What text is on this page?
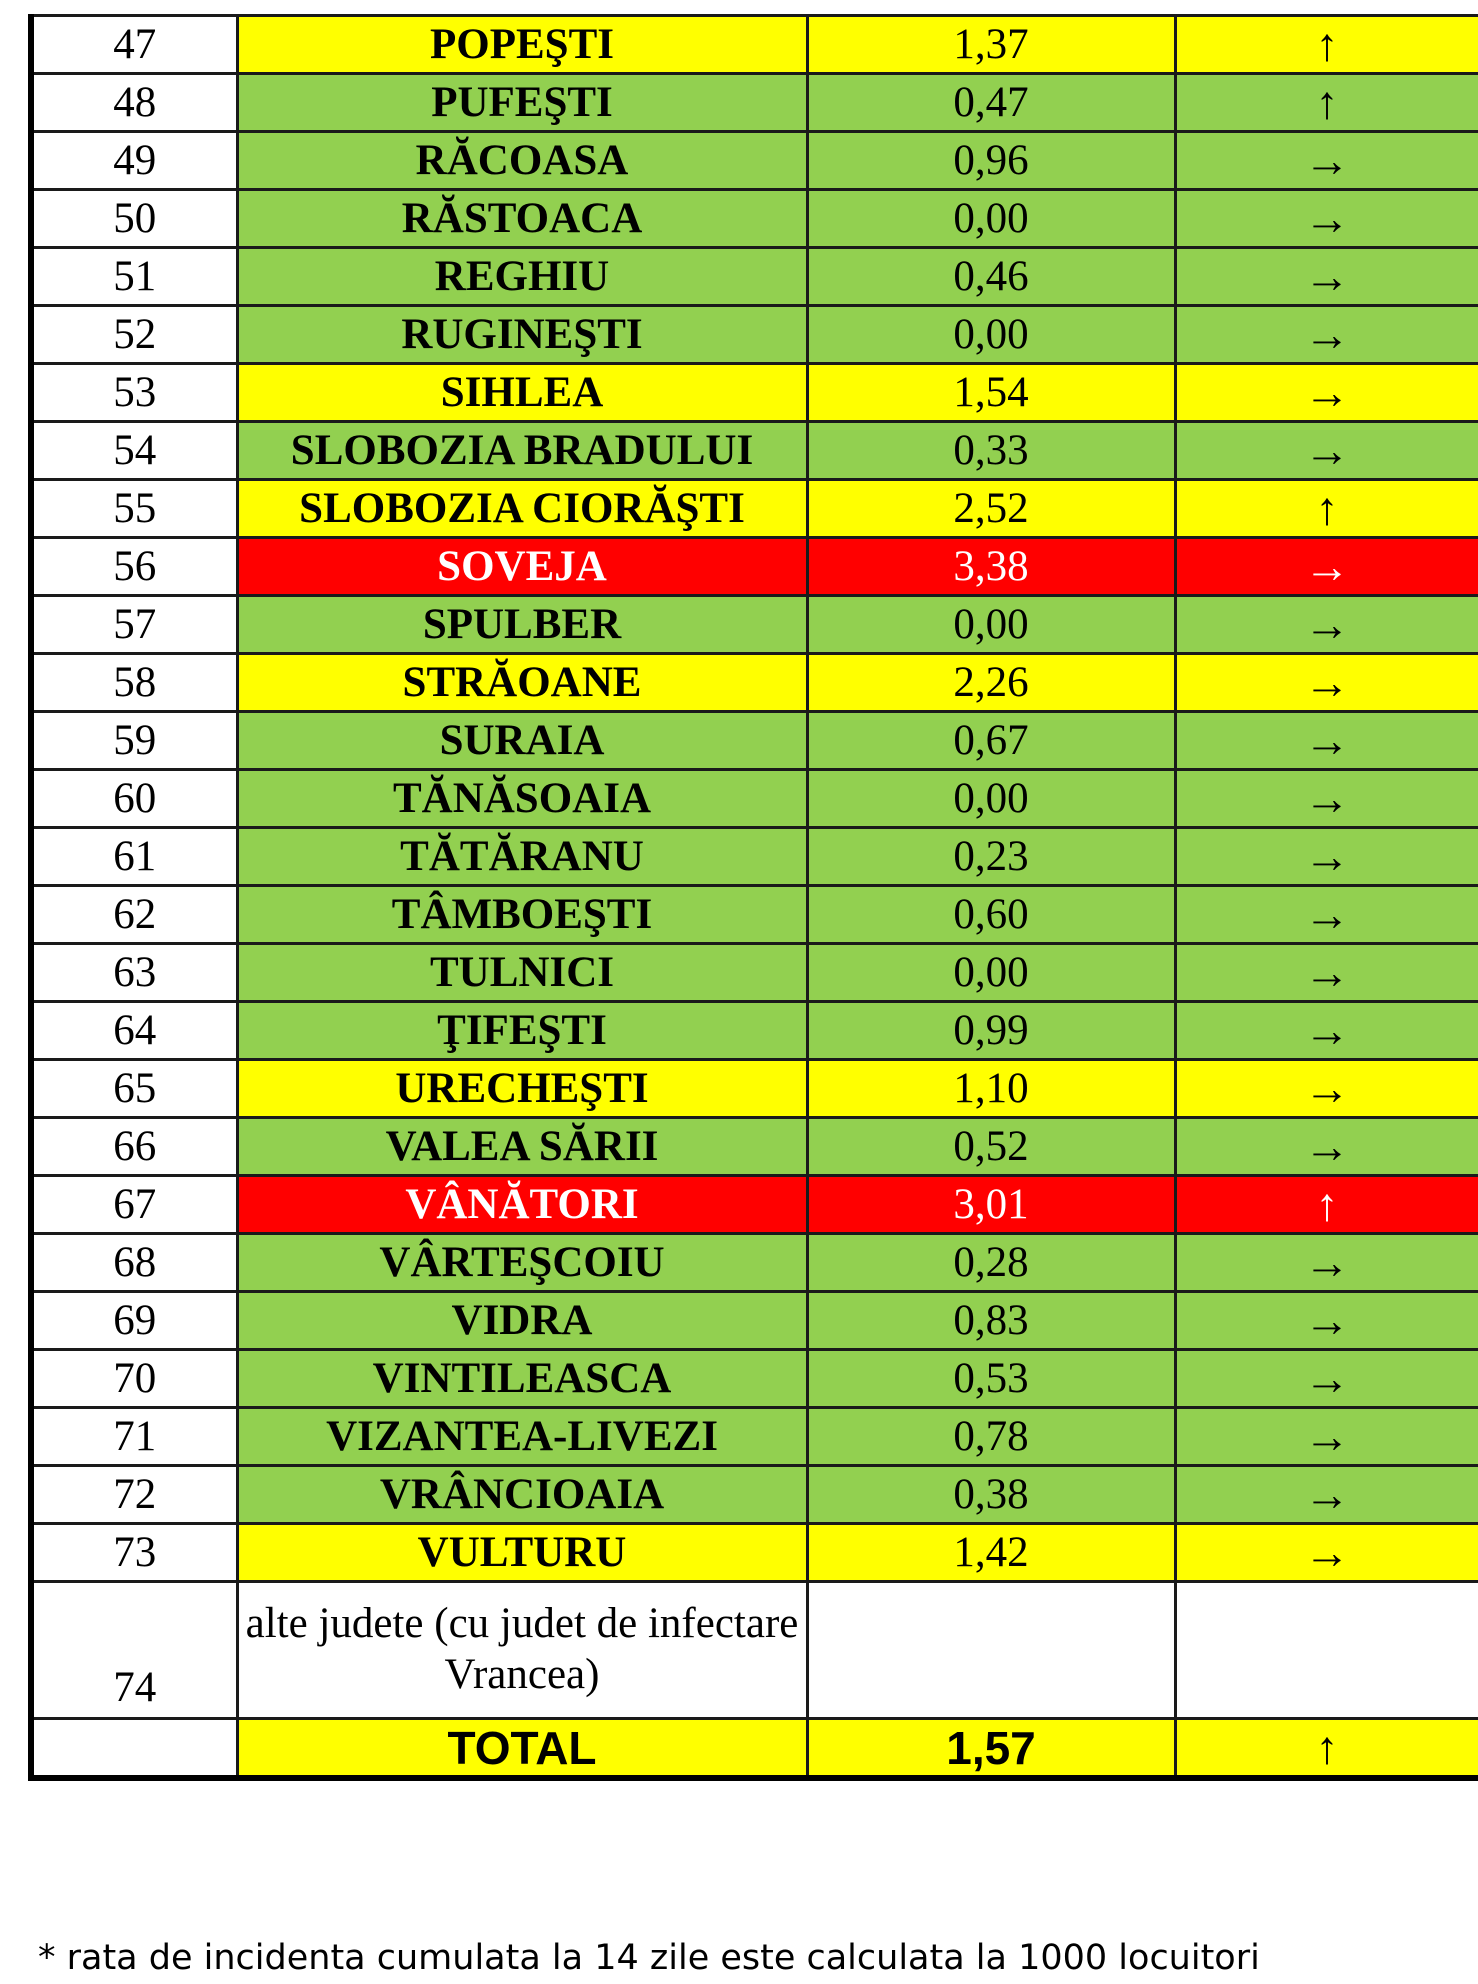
47	POPEŞTI	1,37	↑
48	PUFEŞTI	0,47	↑
49	RĂCOASA	0,96	→
50	RĂSTOACA	0,00	→
51	REGHIU	0,46	→
52	RUGINEŞTI	0,00	→
53	SIHLEA	1,54	→
54	SLOBOZIA BRADULUI	0,33	→
55	SLOBOZIA CIORĂŞTI	2,52	↑
56	SOVEJA	3,38	→
57	SPULBER	0,00	→
58	STRĂOANE	2,26	→
59	SURAIA	0,67	→
60	TĂNĂSOAIA	0,00	→
61	TĂTĂRANU	0,23	→
62	TÂMBOEŞTI	0,60	→
63	TULNICI	0,00	→
64	ŢIFEŞTI	0,99	→
65	URECHEŞTI	1,10	→
66	VALEA SĂRII	0,52	→
67	VÂNĂTORI	3,01	↑
68	VÂRTEŞCOIU	0,28	→
69	VIDRA	0,83	→
70	VINTILEASCA	0,53	→
71	VIZANTEA-LIVEZI	0,78	→
72	VRÂNCIOAIA	0,38	→
73	VULTURU	1,42	→
74	alte judete (cu judet de infectare Vrancea)		
	TOTAL	1,57	↑
* rata de incidenta cumulata la 14 zile este calculata la 1000 locuitori
